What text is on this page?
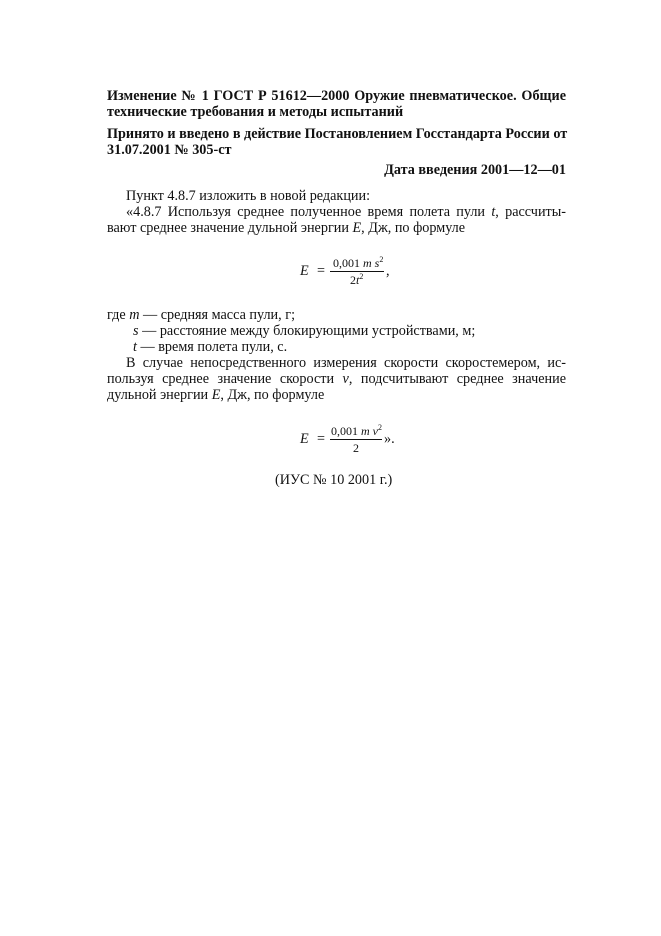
Изменение № 1 ГОСТ Р 51612—2000 Оружие пневматическое. Общие
технические требования и методы испытаний
Принято и введено в действие Постановлением Госстандарта России от
31.07.2001 № 305-ст
Дата введения 2001—12—01
Пункт 4.8.7 изложить в новой редакции:
«4.8.7 Используя среднее полученное время полета пули t, рассчиты-
вают среднее значение дульной энергии E, Дж, по формуле
E = 0,001 m $s^2$
$2t^2$ ,
где m — средняя масса пули, г;
s — расстояние между блокирующими устройствами, м;
t — время полета пули, с.
В случае непосредственного измерения скорости скоростемером, ис-
пользуя среднее значение скорости v, подсчитывают среднее значение
дульной энергии E, Дж, по формуле
E = 0,001 m $v^2$
2
».
(ИУС № 10 2001 г.)
